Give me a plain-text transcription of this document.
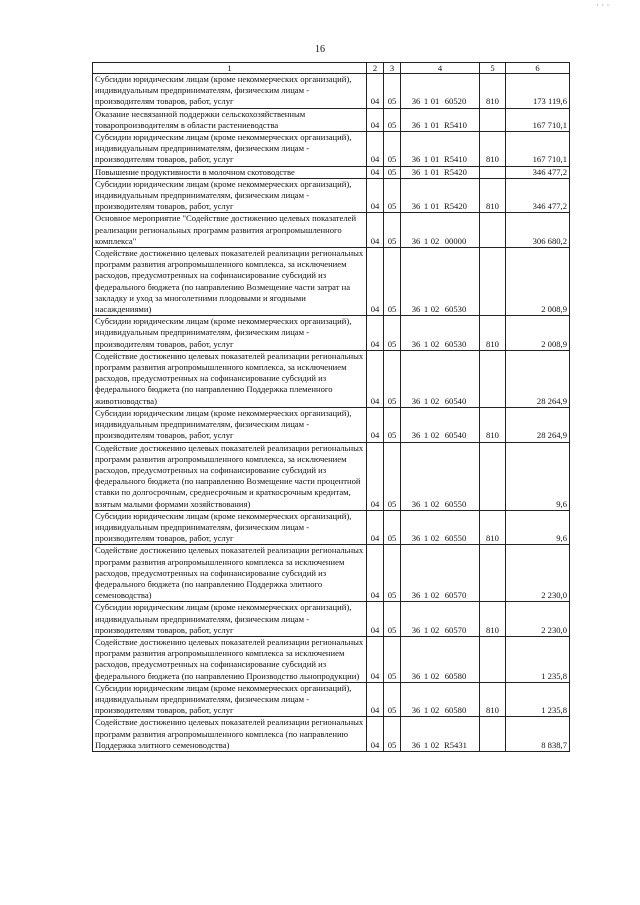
· · ·
16
1	2	3	4	5	6
Субсидии юридическим лицам (кроме некоммерческих организаций), индивидуальным предпринимателям, физическим лицам - производителям товаров, работ, услуг	04	05	36 1 01 60520	810	173 119,6
Оказание несвязанной поддержки сельскохозяйственным товаропроизводителям в области растениеводства	04	05	36 1 01 R5410		167 710,1
Субсидии юридическим лицам (кроме некоммерческих организаций), индивидуальным предпринимателям, физическим лицам - производителям товаров, работ, услуг	04	05	36 1 01 R5410	810	167 710,1
Повышение продуктивности в молочном скотоводстве	04	05	36 1 01 R5420		346 477,2
Субсидии юридическим лицам (кроме некоммерческих организаций), индивидуальным предпринимателям, физическим лицам - производителям товаров, работ, услуг	04	05	36 1 01 R5420	810	346 477,2
Основное мероприятие "Содействие достижению целевых показателей реализации региональных программ развития агропромышленного комплекса"	04	05	36 1 02 00000		306 680,2
Содействие достижению целевых показателей реализации региональных программ развития агропромышленного комплекса, за исключением расходов, предусмотренных на софинансирование субсидий из федерального бюджета (по направлению Возмещение части затрат на закладку и уход за многолетними плодовыми и ягодными насаждениями)	04	05	36 1 02 60530		2 008,9
Субсидии юридическим лицам (кроме некоммерческих организаций), индивидуальным предпринимателям, физическим лицам - производителям товаров, работ, услуг	04	05	36 1 02 60530	810	2 008,9
Содействие достижению целевых показателей реализации региональных программ развития агропромышленного комплекса, за исключением расходов, предусмотренных на софинансирование субсидий из федерального бюджета (по направлению Поддержка племенного животноводства)	04	05	36 1 02 60540		28 264,9
Субсидии юридическим лицам (кроме некоммерческих организаций), индивидуальным предпринимателям, физическим лицам - производителям товаров, работ, услуг	04	05	36 1 02 60540	810	28 264,9
Содействие достижению целевых показателей реализации региональных программ развития агропромышленного комплекса, за исключением расходов, предусмотренных на софинансирование субсидий из федерального бюджета (по направлению Возмещение части процентной ставки по долгосрочным, среднесрочным и краткосрочным кредитам, взятым малыми формами хозяйствования)	04	05	36 1 02 60550		9,6
Субсидии юридическим лицам (кроме некоммерческих организаций), индивидуальным предпринимателям, физическим лицам - производителям товаров, работ, услуг	04	05	36 1 02 60550	810	9,6
Содействие достижению целевых показателей реализации региональных программ развития агропромышленного комплекса за исключением расходов, предусмотренных на софинансирование субсидий из федерального бюджета (по направлению Поддержка элитного семеноводства)	04	05	36 1 02 60570		2 230,0
Субсидии юридическим лицам (кроме некоммерческих организаций), индивидуальным предпринимателям, физическим лицам - производителям товаров, работ, услуг	04	05	36 1 02 60570	810	2 230,0
Содействие достижению целевых показателей реализации региональных программ развития агропромышленного комплекса за исключением расходов, предусмотренных на софинансирование субсидий из федерального бюджета (по направлению Производство льнопродукции)	04	05	36 1 02 60580		1 235,8
Субсидии юридическим лицам (кроме некоммерческих организаций), индивидуальным предпринимателям, физическим лицам - производителям товаров, работ, услуг	04	05	36 1 02 60580	810	1 235,8
Содействие достижению целевых показателей реализации региональных программ развития агропромышленного комплекса (по направлению Поддержка элитного семеноводства)	04	05	36 1 02 R5431		8 838,7
